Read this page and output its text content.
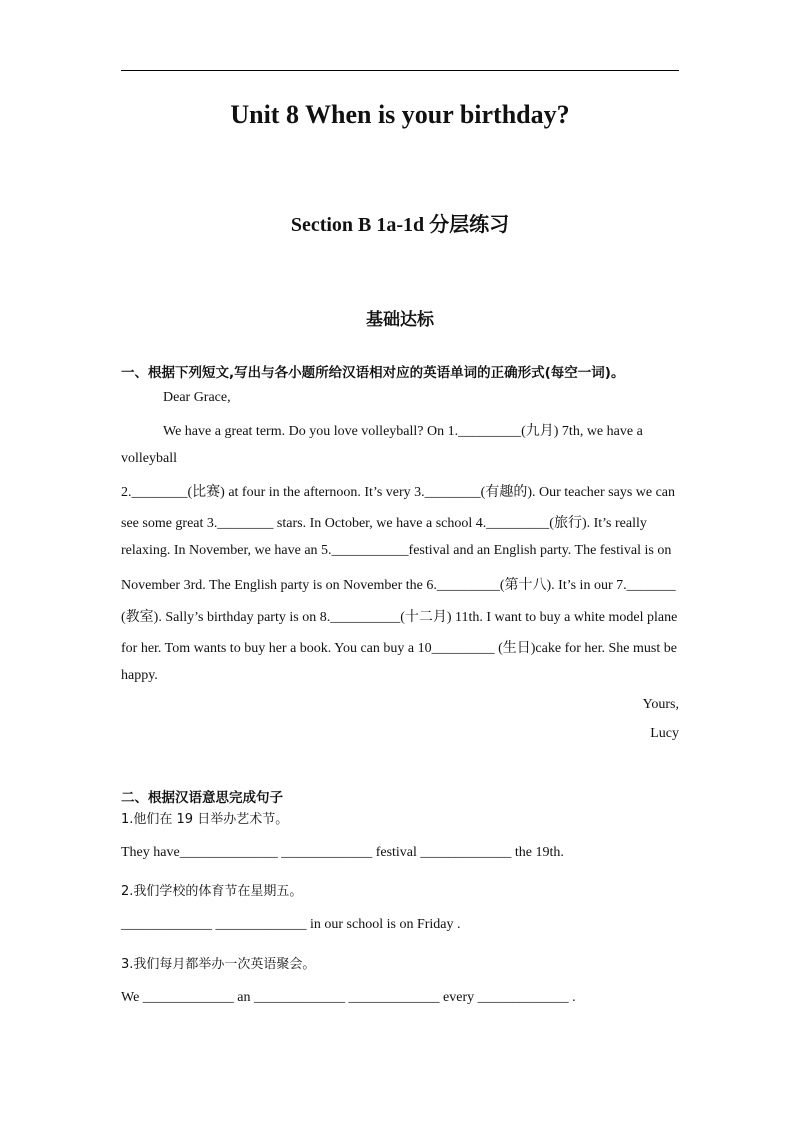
Unit 8 When is your birthday?
Section B 1a-1d 分层练习
基础达标
一、根据下列短文,写出与各小题所给汉语相对应的英语单词的正确形式(每空一词)。
Dear Grace,
We have a great term. Do you love volleyball? On 1._________(九月) 7th, we have a
volleyball
2.________(比赛) at four in the afternoon. It’s very 3.________(有趣的). Our teacher says we can
see some great 3.________ stars. In October, we have a school 4._________(旅行). It’s really
relaxing. In November, we have an 5.___________festival and an English party. The festival is on
November 3rd. The English party is on November the 6._________(第十八). It’s in our 7._______
(教室). Sally’s birthday party is on 8.__________(十二月) 11th. I want to buy a white model plane
for her. Tom wants to buy her a book. You can buy a 10_________ (生日)cake for her. She must be
happy.
Yours,
Lucy
二、根据汉语意思完成句子
1.他们在 19 日举办艺术节。
They have______________ _____________ festival _____________ the 19th.
2.我们学校的体育节在星期五。
_____________ _____________ in our school is on Friday .
3.我们每月都举办一次英语聚会。
We _____________ an _____________ _____________ every _____________ .
